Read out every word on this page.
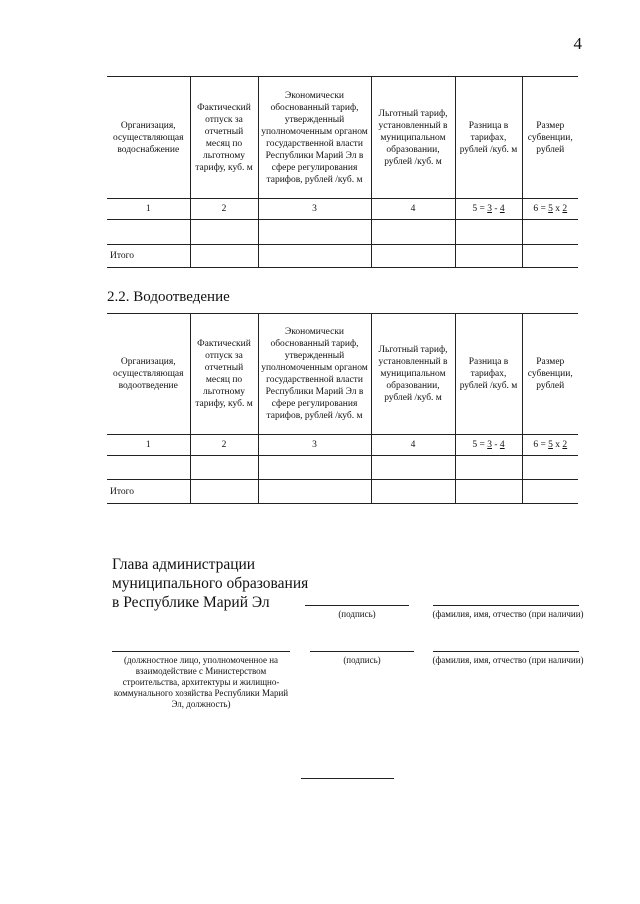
4
Организация, осуществляющая водоснабжение	Фактический отпуск за отчетный месяц по льготному тарифу, куб. м	Экономически обоснованный тариф, утвержденный уполномоченным органом государственной власти Республики Марий Эл в сфере регулирования тарифов, рублей /куб. м	Льготный тариф, установленный в муниципальном образовании, рублей /куб. м	Разница в тарифах, рублей /куб. м	Размер субвенции, рублей
1	2	3	4	5 = 3 - 4	6 = 5 x 2

Итого					
2.2. Водоотведение
Организация, осуществляющая водоотведение	Фактический отпуск за отчетный месяц по льготному тарифу, куб. м	Экономически обоснованный тариф, утвержденный уполномоченным органом государственной власти Республики Марий Эл в сфере регулирования тарифов, рублей /куб. м	Льготный тариф, установленный в муниципальном образовании, рублей /куб. м	Разница в тарифах, рублей /куб. м	Размер субвенции, рублей
1	2	3	4	5 = 3 - 4	6 = 5 x 2

Итого					
Глава администрации
муниципального образования
в Республике Марий Эл
(подпись)	(фамилия, имя, отчество (при наличии)
(должностное лицо, уполномоченное на взаимодействие с Министерством строительства, архитектуры и жилищно-коммунального хозяйства Республики Марий Эл, должность)
(подпись)	(фамилия, имя, отчество (при наличии)
